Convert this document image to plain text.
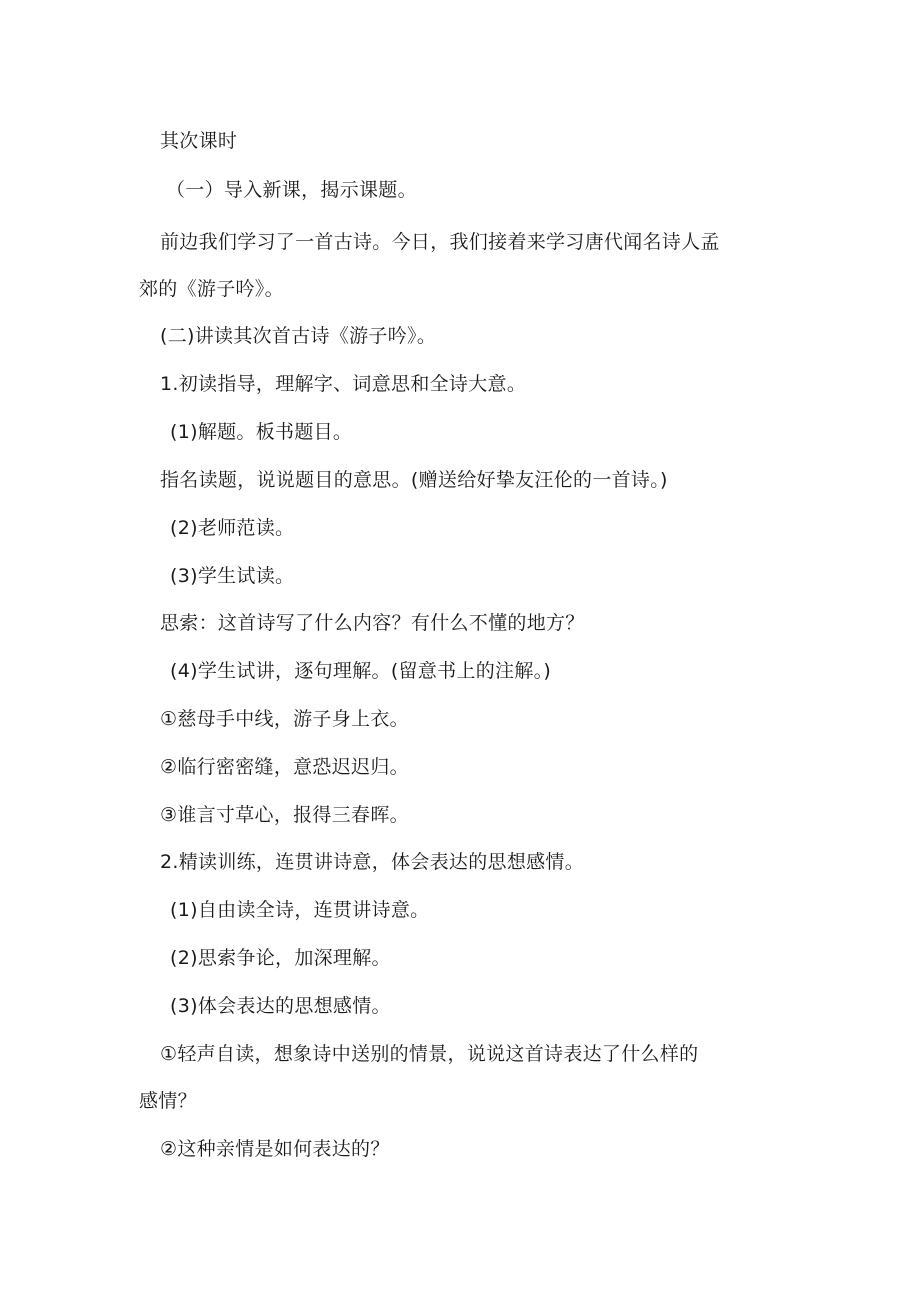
其次课时
（一）导入新课，揭示课题。
前边我们学习了一首古诗。今日，我们接着来学习唐代闻名诗人孟
郊的《游子吟》。
(二)讲读其次首古诗《游子吟》。
1.初读指导，理解字、词意思和全诗大意。
(1)解题。板书题目。
指名读题，说说题目的意思。(赠送给好挚友汪伦的一首诗。)
(2)老师范读。
(3)学生试读。
思索：这首诗写了什么内容？有什么不懂的地方？
(4)学生试讲，逐句理解。(留意书上的注解。)
①慈母手中线，游子身上衣。
②临行密密缝，意恐迟迟归。
③谁言寸草心，报得三春晖。
2.精读训练，连贯讲诗意，体会表达的思想感情。
(1)自由读全诗，连贯讲诗意。
(2)思索争论，加深理解。
(3)体会表达的思想感情。
①轻声自读，想象诗中送别的情景，说说这首诗表达了什么样的
感情？
②这种亲情是如何表达的？
